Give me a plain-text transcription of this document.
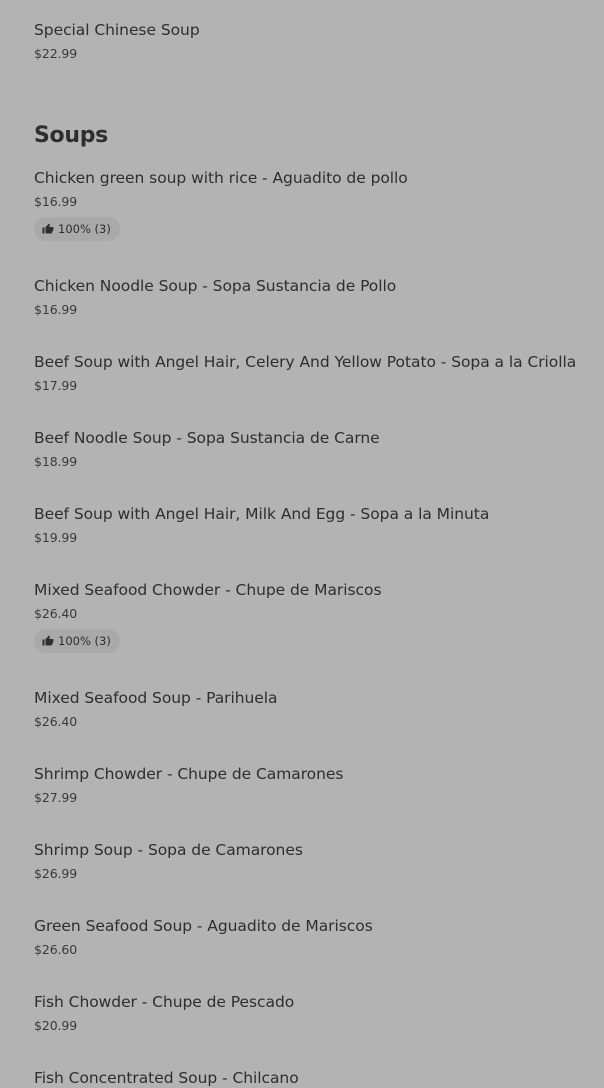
Special Chinese Soup
$22.99
Soups
Chicken green soup with rice - Aguadito de pollo
$16.99
100% (3)
Chicken Noodle Soup - Sopa Sustancia de Pollo
$16.99
Beef Soup with Angel Hair, Celery And Yellow Potato - Sopa a la Criolla
$17.99
Beef Noodle Soup - Sopa Sustancia de Carne
$18.99
Beef Soup with Angel Hair, Milk And Egg - Sopa a la Minuta
$19.99
Mixed Seafood Chowder - Chupe de Mariscos
$26.40
100% (3)
Mixed Seafood Soup - Parihuela
$26.40
Shrimp Chowder - Chupe de Camarones
$27.99
Shrimp Soup - Sopa de Camarones
$26.99
Green Seafood Soup - Aguadito de Mariscos
$26.60
Fish Chowder - Chupe de Pescado
$20.99
Fish Concentrated Soup - Chilcano
